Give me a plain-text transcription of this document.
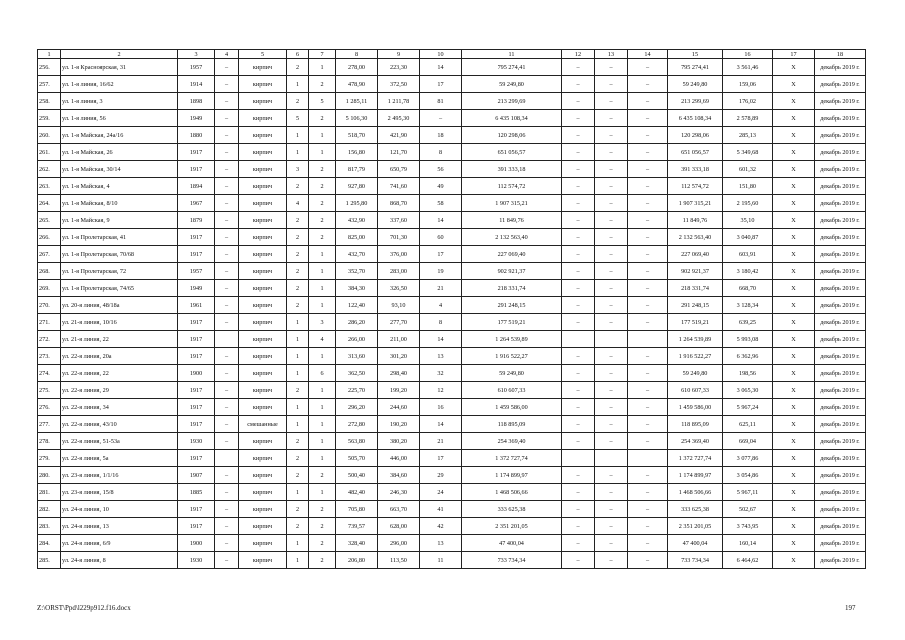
1	2	3	4	5	6	7	8	9	10	11	12	13	14	15	16	17	18
256.	ул. 1-я Красноярская, 31	1957	–	кирпич	2	1	278,00	223,30	14	795 274,41	–	–	–	795 274,41	3 561,46	Х	декабрь 2019 г.
257.	ул. 1-я линия, 16/62	1914	–	кирпич	1	2	478,90	372,50	17	59 249,80	–	–	–	59 249,80	159,06	Х	декабрь 2019 г.
258.	ул. 1-я линия, 3	1898	–	кирпич	2	5	1 285,11	1 211,78	81	213 299,69	–	–	–	213 299,69	176,02	Х	декабрь 2019 г.
259.	ул. 1-я линия, 56	1949	–	кирпич	5	2	5 106,30	2 495,30	–	6 435 108,34	–	–	–	6 435 108,34	2 578,89	Х	декабрь 2019 г.
260.	ул. 1-я Майская, 24а/16	1880	–	кирпич	1	1	518,70	421,90	18	120 298,06	–	–	–	120 298,06	285,13	Х	декабрь 2019 г.
261.	ул. 1-я Майская, 26	1917	–	кирпич	1	1	156,80	121,70	8	651 056,57	–	–	–	651 056,57	5 349,68	Х	декабрь 2019 г.
262.	ул. 1-я Майская, 30/14	1917	–	кирпич	3	2	817,79	650,79	56	391 333,18	–	–	–	391 333,18	601,32	Х	декабрь 2019 г.
263.	ул. 1-я Майская, 4	1894	–	кирпич	2	2	927,80	741,60	49	112 574,72	–	–	–	112 574,72	151,80	Х	декабрь 2019 г.
264.	ул. 1-я Майская, 8/10	1967	–	кирпич	4	2	1 295,80	868,70	58	1 907 315,21	–	–	–	1 907 315,21	2 195,60	Х	декабрь 2019 г.
265.	ул. 1-я Майская, 9	1879	–	кирпич	2	2	432,90	337,60	14	11 849,76	–	–	–	11 849,76	35,10	Х	декабрь 2019 г.
266.	ул. 1-я Пролетарская, 41	1917	–	кирпич	2	2	825,00	701,30	60	2 132 563,40	–	–	–	2 132 563,40	3 040,87	Х	декабрь 2019 г.
267.	ул. 1-я Пролетарская, 70/68	1917	–	кирпич	2	1	432,70	376,00	17	227 069,40	–	–	–	227 069,40	603,91	Х	декабрь 2019 г.
268.	ул. 1-я Пролетарская, 72	1957	–	кирпич	2	1	352,70	283,00	19	902 921,37	–	–	–	902 921,37	3 180,42	Х	декабрь 2019 г.
269.	ул. 1-я Пролетарская, 74/65	1949	–	кирпич	2	1	384,30	326,50	21	218 331,74	–	–	–	218 331,74	668,70	Х	декабрь 2019 г.
270.	ул. 20-я линия, 48/18а	1961	–	кирпич	2	1	122,40	93,10	4	291 248,15	–	–	–	291 248,15	3 128,34	Х	декабрь 2019 г.
271.	ул. 21-я линия, 10/16	1917	–	кирпич	1	3	286,20	277,70	8	177 519,21	–	–	–	177 519,21	639,25	Х	декабрь 2019 г.
272.	ул. 21-я линия, 22	1917		кирпич	1	4	266,00	211,00	14	1 264 539,89				1 264 539,89	5 993,08	Х	декабрь 2019 г.
273.	ул. 22-я линия, 20а	1917	–	кирпич	1	1	313,60	301,20	13	1 916 522,27	–	–	–	1 916 522,27	6 362,96	Х	декабрь 2019 г.
274.	ул. 22-я линия, 22	1900	–	кирпич	1	6	362,50	298,40	32	59 249,80	–	–	–	59 249,80	198,56	Х	декабрь 2019 г.
275.	ул. 22-я линия, 29	1917	–	кирпич	2	1	225,70	199,20	12	610 607,33	–	–	–	610 607,33	3 065,30	Х	декабрь 2019 г.
276.	ул. 22-я линия, 34	1917	–	кирпич	1	1	296,20	244,60	16	1 459 586,00	–	–	–	1 459 586,00	5 967,24	Х	декабрь 2019 г.
277.	ул. 22-я линия, 43/10	1917	–	смешанные	1	1	272,80	190,20	14	118 895,09	–	–	–	118 895,09	625,11	Х	декабрь 2019 г.
278.	ул. 22-я линия, 51-53а	1930	–	кирпич	2	1	563,80	380,20	21	254 369,40	–	–	–	254 369,40	669,04	Х	декабрь 2019 г.
279.	ул. 22-я линия, 5а	1917		кирпич	2	1	505,70	446,00	17	1 372 727,74				1 372 727,74	3 077,86	Х	декабрь 2019 г.
280.	ул. 23-я линия, 1/1/16	1907	–	кирпич	2	2	500,40	384,60	29	1 174 899,97	–	–	–	1 174 899,97	3 054,86	Х	декабрь 2019 г.
281.	ул. 23-я линия, 15/8	1885	–	кирпич	1	1	482,40	246,30	24	1 468 506,66	–	–	–	1 468 506,66	5 967,11	Х	декабрь 2019 г.
282.	ул. 24-я линия, 10	1917	–	кирпич	2	2	705,80	663,70	41	333 625,38	–	–	–	333 625,38	502,67	Х	декабрь 2019 г.
283.	ул. 24-я линия, 13	1917	–	кирпич	2	2	739,57	628,00	42	2 351 201,05	–	–	–	2 351 201,05	3 743,95	Х	декабрь 2019 г.
284.	ул. 24-я линия, 6/9	1900	–	кирпич	1	2	328,40	296,00	13	47 400,04	–	–	–	47 400,04	160,14	Х	декабрь 2019 г.
285.	ул. 24-я линия, 8	1930	–	кирпич	1	2	206,80	113,50	11	733 734,34	–	–	–	733 734,34	6 464,62	Х	декабрь 2019 г.
Z:\ORST\Ppd\l229p912.f16.docx	197
